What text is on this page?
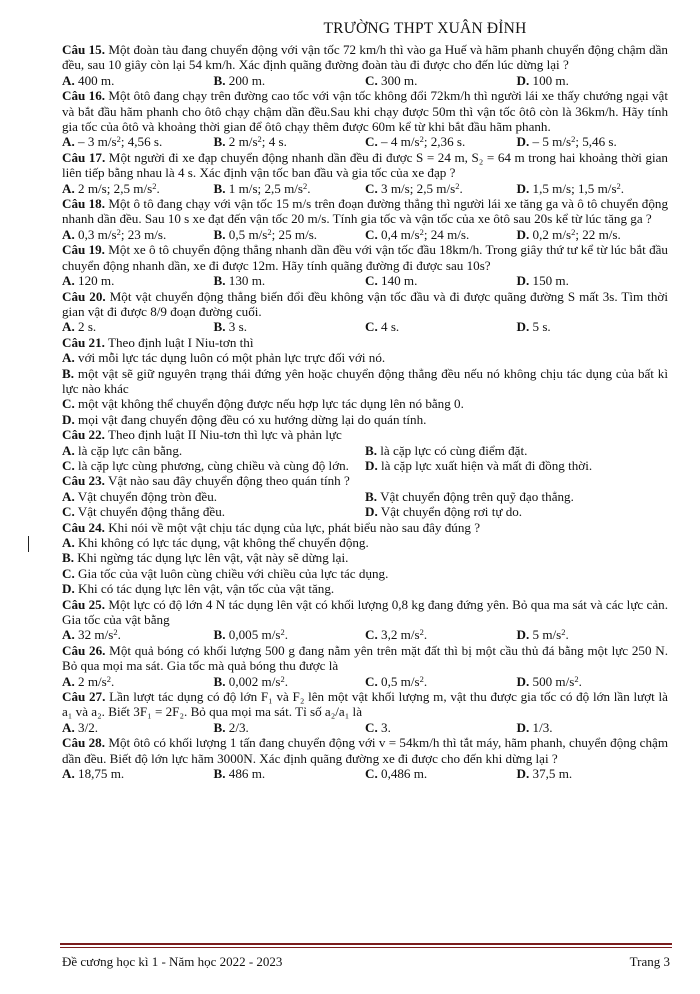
TRƯỜNG THPT XUÂN ĐỈNH

Câu 15. Một đoàn tàu đang chuyển động với vận tốc 72 km/h thì vào ga Huế và hãm phanh chuyển động chậm dần đều, sau 10 giây còn lại 54 km/h. Xác định quãng đường đoàn tàu đi được cho đến lúc dừng lại ?

A. 400 m.	B. 200 m.	C. 300 m.	D. 100 m.

Câu 16. Một ôtô đang chạy trên đường cao tốc với vận tốc không đổi 72km/h thì người lái xe thấy chướng ngại vật và bắt đầu hãm phanh cho ôtô chạy chậm dần đều.Sau khi chạy được 50m thì vận tốc ôtô còn là 36km/h. Hãy tính gia tốc của ôtô và khoảng thời gian để ôtô chạy thêm được 60m kể từ khi bắt đầu hãm phanh.

A. – 3 $m/s^2$; 4,56 s.	B. 2 $m/s^2$; 4 s.	C. – 4 $m/s^2$; 2,36 s.	D. – 5 $m/s^2$; 5,46 s.

Câu 17. Một người đi xe đạp chuyển động nhanh dần đều đi được S = 24 m, S₂ = 64 m trong hai khoảng thời gian liên tiếp bằng nhau là 4 s. Xác định vận tốc ban đầu và gia tốc của xe đạp ?

A. 2 m/s; 2,5 $m/s^2$.	B. 1 m/s; 2,5 $m/s^2$.	C. 3 m/s; 2,5 $m/s^2$.	D. 1,5 m/s; 1,5 $m/s^2$.

Câu 18. Một ô tô đang chạy với vận tốc 15 m/s trên đoạn đường thẳng thì người lái xe tăng ga và ô tô chuyển động nhanh dần đều. Sau 10 s xe đạt đến vận tốc 20 m/s. Tính gia tốc và vận tốc của xe ôtô sau 20s kể từ lúc tăng ga ?

A. 0,3 $m/s^2$; 23 m/s.	B. 0,5 $m/s^2$; 25 m/s.	C. 0,4 $m/s^2$; 24 m/s.	D. 0,2 $m/s^2$; 22 m/s.

Câu 19. Một xe ô tô chuyển động thẳng nhanh dần đều với vận tốc đầu 18km/h. Trong giây thứ tư kể từ lúc bắt đầu chuyển động nhanh dần, xe đi được 12m. Hãy tính quãng đường đi được sau 10s?

A. 120 m.	B. 130 m.	C. 140 m.	D. 150 m.

Câu 20. Một vật chuyển động thẳng biến đổi đều không vận tốc đầu và đi được quãng đường S mất 3s. Tìm thời gian vật đi được 8/9 đoạn đường cuối.

A. 2 s.	B. 3 s.	C. 4 s.	D. 5 s.

Câu 21. Theo định luật I Niu-tơn thì

A. với mỗi lực tác dụng luôn có một phản lực trực đối với nó.

B. một vật sẽ giữ nguyên trạng thái đứng yên hoặc chuyển động thẳng đều nếu nó không chịu tác dụng của bất kì lực nào khác

C. một vật không thể chuyển động được nếu hợp lực tác dụng lên nó bằng 0.

D. mọi vật đang chuyển động đều có xu hướng dừng lại do quán tính.

Câu 22. Theo định luật II Niu-tơn thì lực và phản lực

A. là cặp lực cân bằng.	B. là cặp lực có cùng điểm đặt.
C. là cặp lực cùng phương, cùng chiều và cùng độ lớn.	D. là cặp lực xuất hiện và mất đi đồng thời.

Câu 23. Vật nào sau đây chuyển động theo quán tính ?

A. Vật chuyển động tròn đều.	B. Vật chuyển động trên quỹ đạo thẳng.
C. Vật chuyển động thẳng đều.	D. Vật chuyển động rơi tự do.

Câu 24. Khi nói về một vật chịu tác dụng của lực, phát biểu nào sau đây đúng ?

A. Khi không có lực tác dụng, vật không thể chuyển động.

B. Khi ngừng tác dụng lực lên vật, vật này sẽ dừng lại.

C. Gia tốc của vật luôn cùng chiều với chiều của lực tác dụng.

D. Khi có tác dụng lực lên vật, vận tốc của vật tăng.

Câu 25. Một lực có độ lớn 4 N tác dụng lên vật có khối lượng 0,8 kg đang đứng yên. Bỏ qua ma sát và các lực cản. Gia tốc của vật bằng

A. 32 $m/s^2$.	B. 0,005 $m/s^2$.	C. 3,2 $m/s^2$.	D. 5 $m/s^2$.

Câu 26. Một quả bóng có khối lượng 500 g đang nằm yên trên mặt đất thì bị một cầu thủ đá bằng một lực 250 N. Bỏ qua mọi ma sát. Gia tốc mà quả bóng thu được là

A. 2 $m/s^2$.	B. 0,002 $m/s^2$.	C. 0,5 $m/s^2$.	D. 500 $m/s^2$.

Câu 27. Lần lượt tác dụng có độ lớn F₁ và F₂ lên một vật khối lượng m, vật thu được gia tốc có độ lớn lần lượt là a₁ và a₂. Biết 3F₁ = 2F₂. Bỏ qua mọi ma sát. Tỉ số a₂/a₁ là

A. 3/2.	B. 2/3.	C. 3.	D. 1/3.

Câu 28. Một ôtô có khối lượng 1 tấn đang chuyển động với v = 54km/h thì tắt máy, hãm phanh, chuyển động chậm dần đều. Biết độ lớn lực hãm 3000N. Xác định quãng đường xe đi được cho đến khi dừng lại ?

A. 18,75 m.	B. 486 m.	C. 0,486 m.	D. 37,5 m.
Đề cương học kì 1 - Năm học 2022 - 2023	Trang 3
